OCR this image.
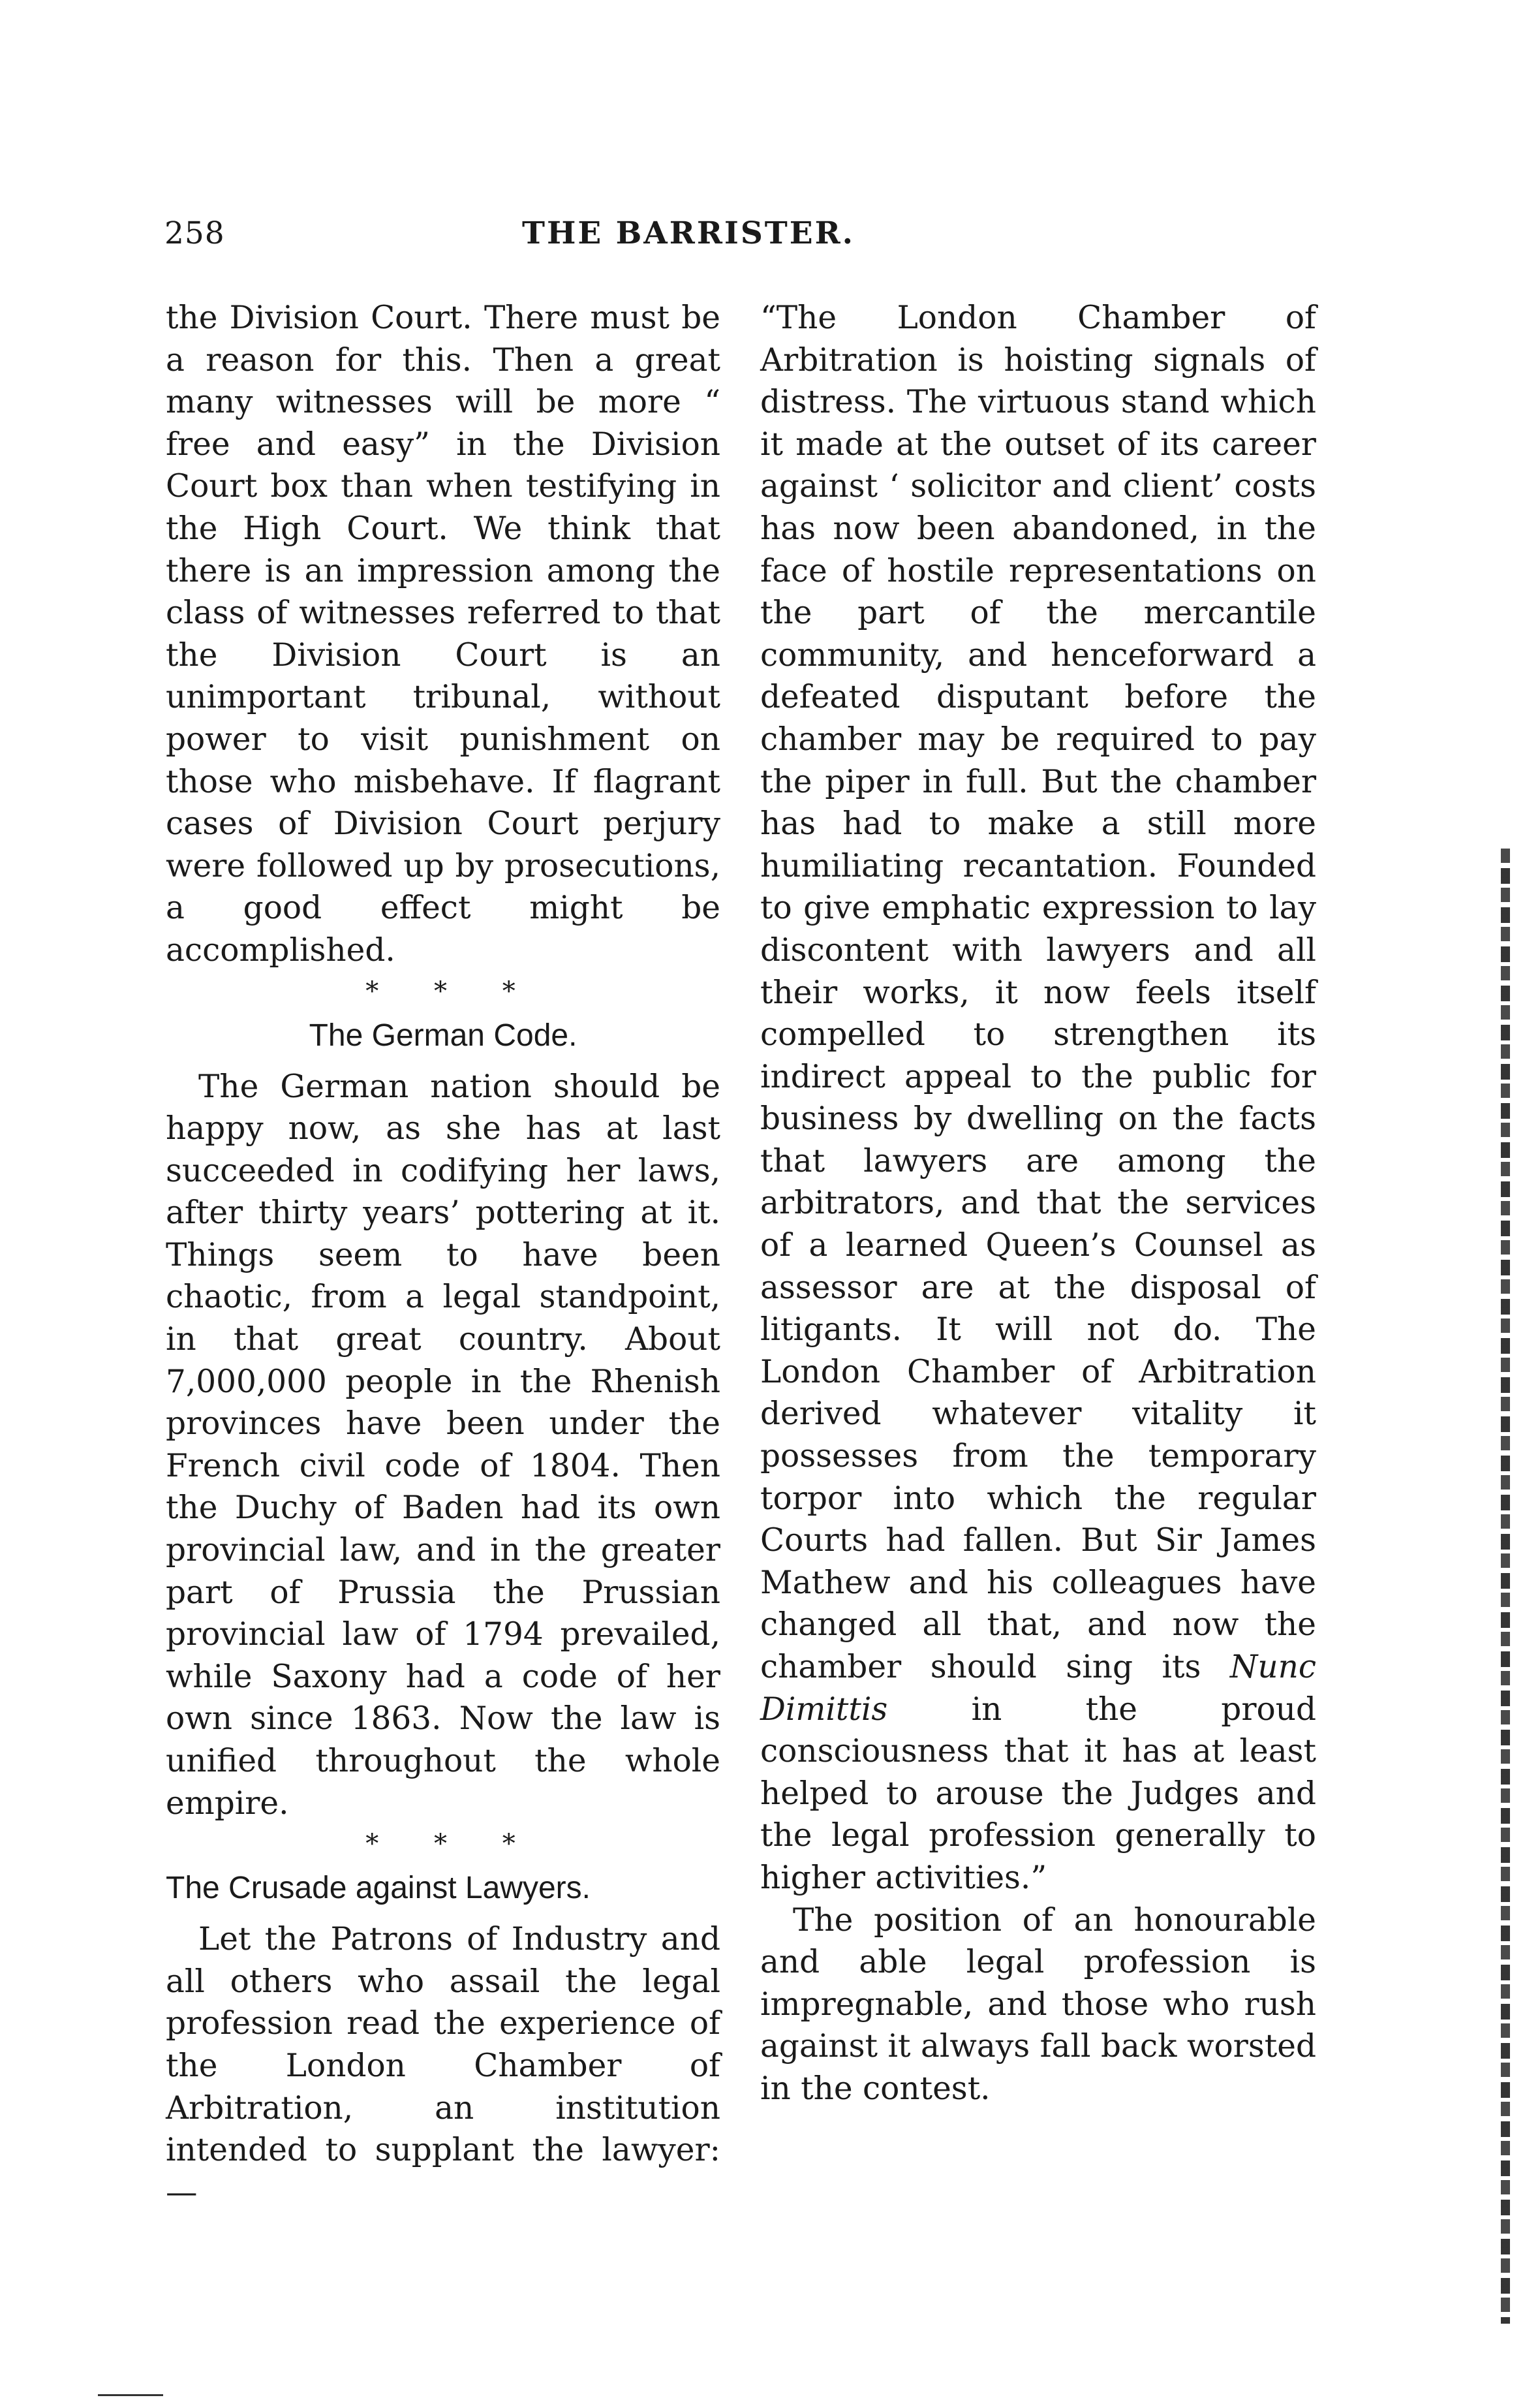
258	THE BARRISTER.

the Division Court. There must be a reason for this. Then a great many witnesses will be more “ free and easy” in the Division Court box than when testifying in the High Court. We think that there is an impression among the class of witnesses referred to that the Division Court is an unimportant tribunal, without power to visit punishment on those who misbehave. If flagrant cases of Division Court perjury were followed up by prosecutions, a good effect might be accomplished.

* * *
The German Code.

The German nation should be happy now, as she has at last succeeded in codifying her laws, after thirty years’ pottering at it. Things seem to have been chaotic, from a legal standpoint, in that great country. About 7,000,000 people in the Rhenish provinces have been under the French civil code of 1804. Then the Duchy of Baden had its own provincial law, and in the greater part of Prussia the Prussian provincial law of 1794 prevailed, while Saxony had a code of her own since 1863. Now the law is unified throughout the whole empire.

* * *
The Crusade against Lawyers.

Let the Patrons of Industry and all others who assail the legal profession read the experience of the London Chamber of Arbitration, an institution intended to supplant the lawyer:—

“The London Chamber of Arbitration is hoisting signals of distress. The virtuous stand which it made at the outset of its career against ‘ solicitor and client’ costs has now been abandoned, in the face of hostile representations on the part of the mercantile community, and henceforward a defeated disputant before the chamber may be required to pay the piper in full. But the chamber has had to make a still more humiliating recantation. Founded to give emphatic expression to lay discontent with lawyers and all their works, it now feels itself compelled to strengthen its indirect appeal to the public for business by dwelling on the facts that lawyers are among the arbitrators, and that the services of a learned Queen’s Counsel as assessor are at the disposal of litigants. It will not do. The London Chamber of Arbitration derived whatever vitality it possesses from the temporary torpor into which the regular Courts had fallen. But Sir James Mathew and his colleagues have changed all that, and now the chamber should sing its Nunc Dimittis	in the proud consciousness that it has at least helped to arouse the Judges and the legal profession generally to higher activities.”

The position of an honourable and able legal profession is impregnable, and those who rush against it always fall back worsted in the contest.
